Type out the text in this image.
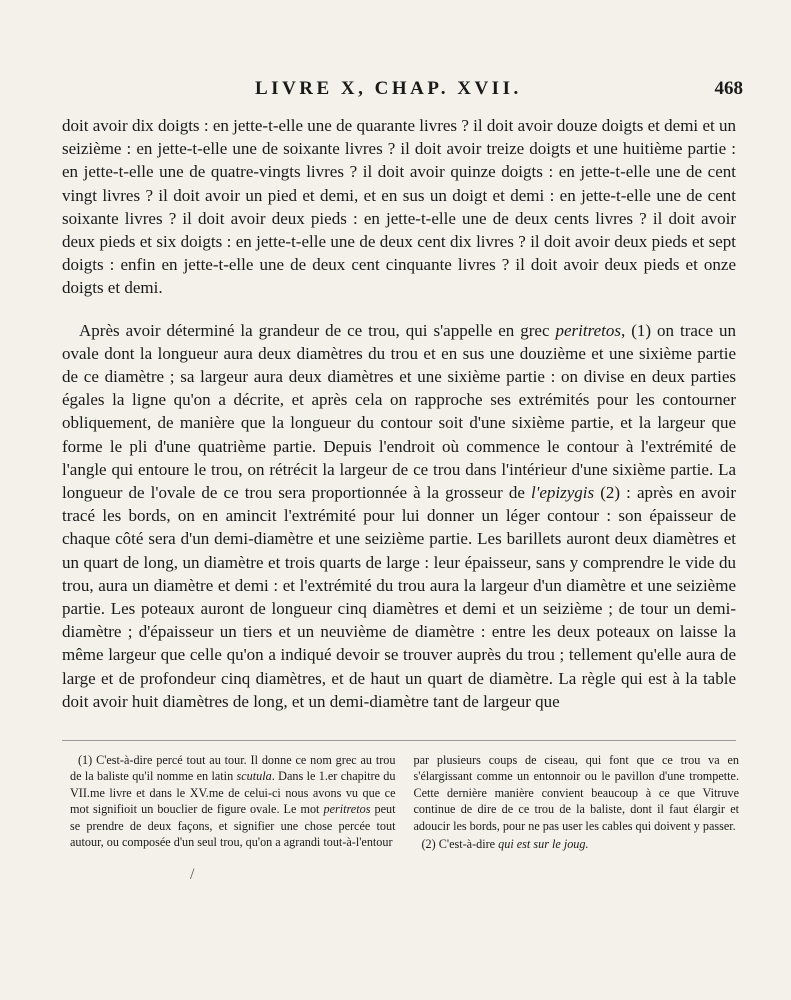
LIVRE X, CHAP. XVII.	468

doit avoir dix doigts : en jette-t-elle une de quarante livres ? il doit avoir douze doigts et demi et un seizième : en jette-t-elle une de soixante livres ? il doit avoir treize doigts et une huitième partie : en jette-t-elle une de quatre-vingts livres ? il doit avoir quinze doigts : en jette-t-elle une de cent vingt livres ? il doit avoir un pied et demi, et en sus un doigt et demi : en jette-t-elle une de cent soixante livres ? il doit avoir deux pieds : en jette-t-elle une de deux cents livres ? il doit avoir deux pieds et six doigts : en jette-t-elle une de deux cent dix livres ? il doit avoir deux pieds et sept doigts : enfin en jette-t-elle une de deux cent cinquante livres ? il doit avoir deux pieds et onze doigts et demi.

Après avoir déterminé la grandeur de ce trou, qui s'appelle en grec peritretos, (1) on trace un ovale dont la longueur aura deux diamètres du trou et en sus une douzième et une sixième partie de ce diamètre ; sa largeur aura deux diamètres et une sixième partie : on divise en deux parties égales la ligne qu'on a décrite, et après cela on rapproche ses extrémités pour les contourner obliquement, de manière que la longueur du contour soit d'une sixième partie, et la largeur que forme le pli d'une quatrième partie. Depuis l'endroit où commence le contour à l'extrémité de l'angle qui entoure le trou, on rétrécit la largeur de ce trou dans l'intérieur d'une sixième partie. La longueur de l'ovale de ce trou sera proportionnée à la grosseur de l'epizygis (2) : après en avoir tracé les bords, on en amincit l'extrémité pour lui donner un léger contour : son épaisseur de chaque côté sera d'un demi-diamètre et une seizième partie. Les barillets auront deux diamètres et un quart de long, un diamètre et trois quarts de large : leur épaisseur, sans y comprendre le vide du trou, aura un diamètre et demi : et l'extrémité du trou aura la largeur d'un diamètre et une seizième partie. Les poteaux auront de longueur cinq diamètres et demi et un seizième ; de tour un demi-diamètre ; d'épaisseur un tiers et un neuvième de diamètre : entre les deux poteaux on laisse la même largeur que celle qu'on a indiqué devoir se trouver auprès du trou ; tellement qu'elle aura de large et de profondeur cinq diamètres, et de haut un quart de diamètre. La règle qui est à la table doit avoir huit diamètres de long, et un demi-diamètre tant de largeur que

(1) C'est-à-dire percé tout au tour. Il donne ce nom grec au trou de la baliste qu'il nomme en latin scutula. Dans le 1.er chapitre du VII.me livre et dans le XV.me de celui-ci nous avons vu que ce mot signifioit un bouclier de figure ovale. Le mot peritretos peut se prendre de deux façons, et signifier une chose percée tout autour, ou composée d'un seul trou, qu'on a agrandi tout-à-l'entour

par plusieurs coups de ciseau, qui font que ce trou va en s'élargissant comme un entonnoir ou le pavillon d'une trompette. Cette dernière manière convient beaucoup à ce que Vitruve continue de dire de ce trou de la baliste, dont il faut élargir et adoucir les bords, pour ne pas user les cables qui doivent y passer.

(2) C'est-à-dire qui est sur le joug.

/
